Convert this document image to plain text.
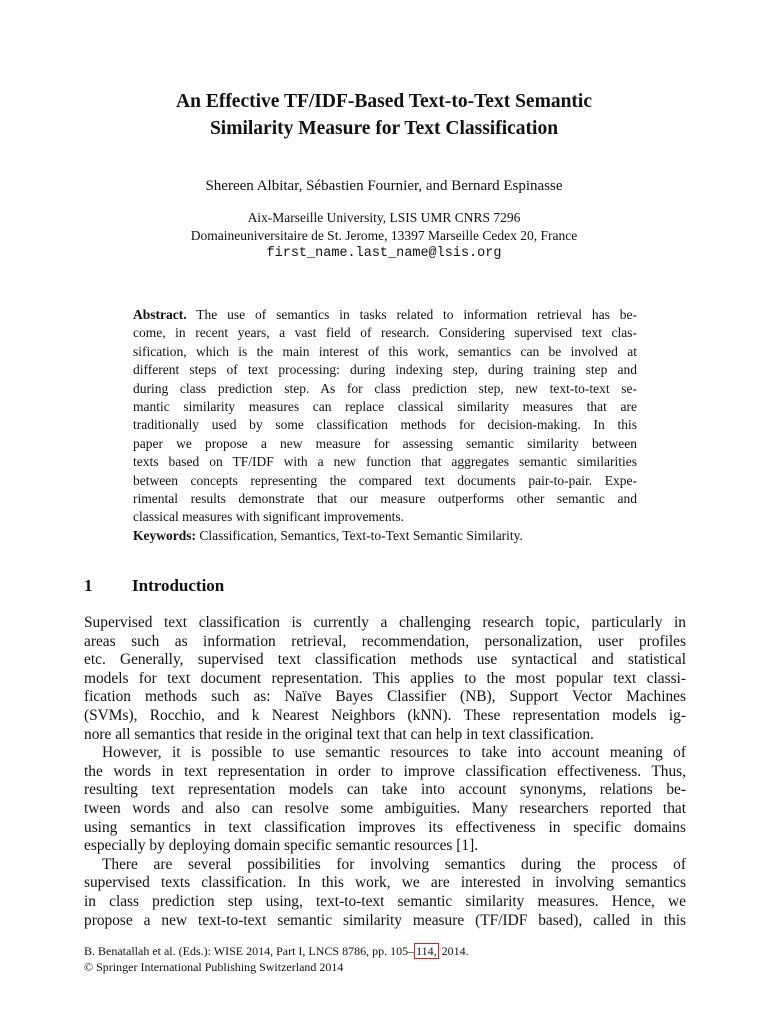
An Effective TF/IDF-Based Text-to-Text Semantic
Similarity Measure for Text Classification
Shereen Albitar, Sébastien Fournier, and Bernard Espinasse
Aix-Marseille University, LSIS UMR CNRS 7296
Domaineuniversitaire de St. Jerome, 13397 Marseille Cedex 20, France
first_name.last_name@lsis.org
Abstract. The use of semantics in tasks related to information retrieval has be-
come, in recent years, a vast field of research. Considering supervised text clas-
sification, which is the main interest of this work, semantics can be involved at
different steps of text processing: during indexing step, during training step and
during class prediction step. As for class prediction step, new text-to-text se-
mantic similarity measures can replace classical similarity measures that are
traditionally used by some classification methods for decision-making. In this
paper we propose a new measure for assessing semantic similarity between
texts based on TF/IDF with a new function that aggregates semantic similarities
between concepts representing the compared text documents pair-to-pair. Expe-
rimental results demonstrate that our measure outperforms other semantic and
classical measures with significant improvements.
Keywords: Classification, Semantics, Text-to-Text Semantic Similarity.
1 Introduction
Supervised text classification is currently a challenging research topic, particularly in
areas such as information retrieval, recommendation, personalization, user profiles
etc. Generally, supervised text classification methods use syntactical and statistical
models for text document representation. This applies to the most popular text classi-
fication methods such as: Naïve Bayes Classifier (NB), Support Vector Machines
(SVMs), Rocchio, and k Nearest Neighbors (kNN). These representation models ig-
nore all semantics that reside in the original text that can help in text classification.
However, it is possible to use semantic resources to take into account meaning of
the words in text representation in order to improve classification effectiveness. Thus,
resulting text representation models can take into account synonyms, relations be-
tween words and also can resolve some ambiguities. Many researchers reported that
using semantics in text classification improves its effectiveness in specific domains
especially by deploying domain specific semantic resources [1].
There are several possibilities for involving semantics during the process of
supervised texts classification. In this work, we are interested in involving semantics
in class prediction step using, text-to-text semantic similarity measures. Hence, we
propose a new text-to-text semantic similarity measure (TF/IDF based), called in this
B. Benatallah et al. (Eds.): WISE 2014, Part I, LNCS 8786, pp. 105– 114, 2014.
© Springer International Publishing Switzerland 2014
